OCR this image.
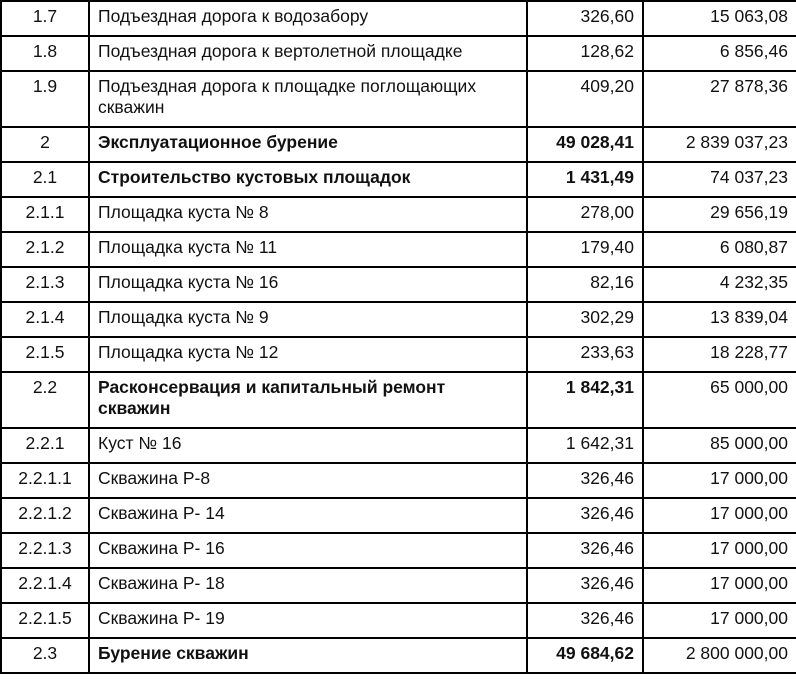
1.7	Подъездная дорога к водозабору	326,60	15 063,08
1.8	Подъездная дорога к вертолетной площадке	128,62	6 856,46
1.9	Подъездная дорога к площадке поглощающих скважин	409,20	27 878,36
2	Эксплуатационное бурение	49 028,41	2 839 037,23
2.1	Строительство кустовых площадок	1 431,49	74 037,23
2.1.1	Площадка куста № 8	278,00	29 656,19
2.1.2	Площадка куста № 11	179,40	6 080,87
2.1.3	Площадка куста № 16	82,16	4 232,35
2.1.4	Площадка куста № 9	302,29	13 839,04
2.1.5	Площадка куста № 12	233,63	18 228,77
2.2	Расконсервация и капитальный ремонт скважин	1 842,31	65 000,00
2.2.1	Куст № 16	1 642,31	85 000,00
2.2.1.1	Скважина Р-8	326,46	17 000,00
2.2.1.2	Скважина Р- 14	326,46	17 000,00
2.2.1.3	Скважина Р- 16	326,46	17 000,00
2.2.1.4	Скважина Р- 18	326,46	17 000,00
2.2.1.5	Скважина Р- 19	326,46	17 000,00
2.3	Бурение скважин	49 684,62	2 800 000,00
